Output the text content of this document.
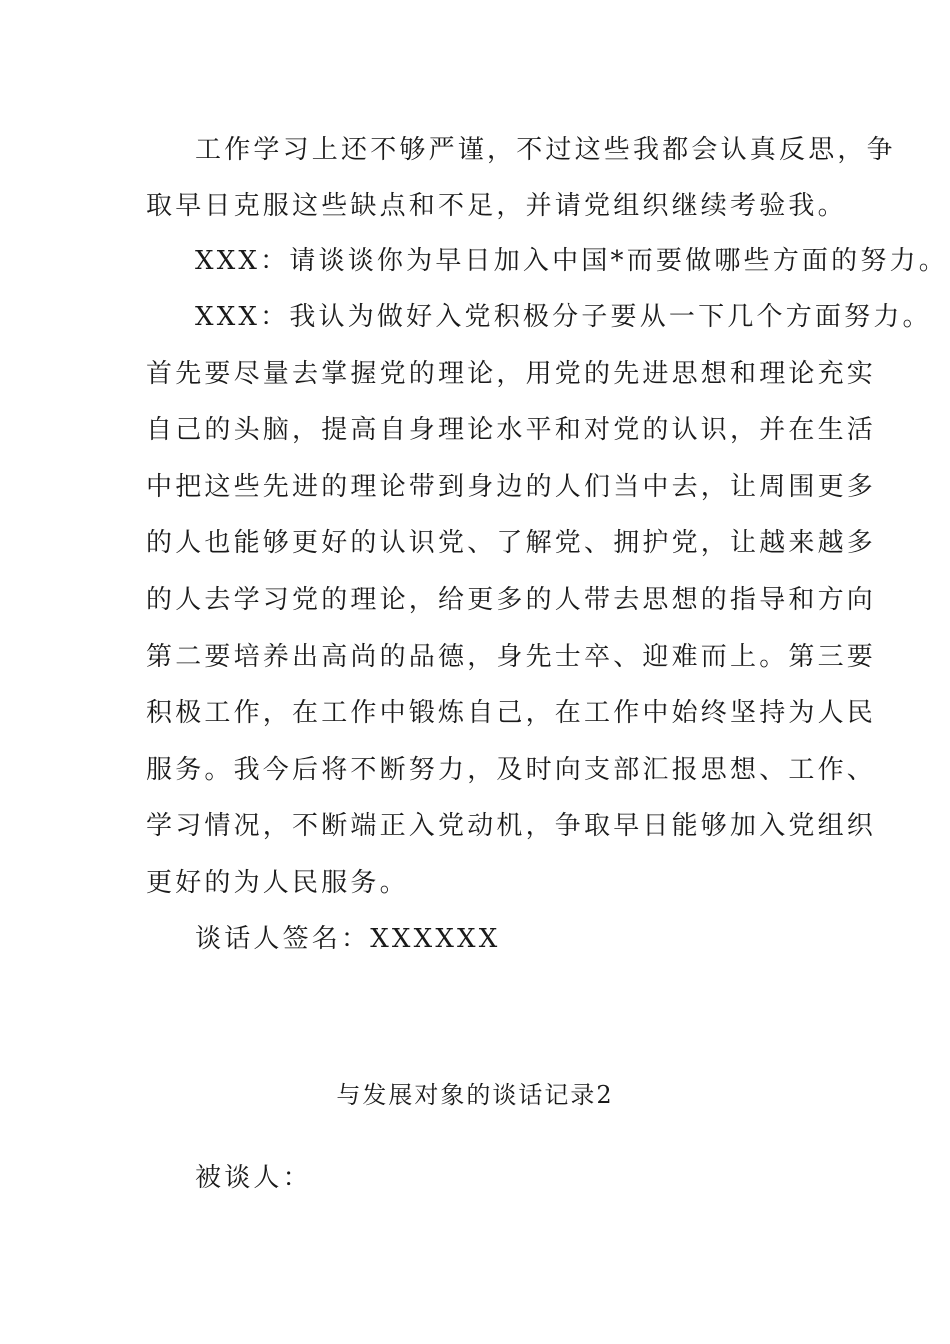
工作学习上还不够严谨，不过这些我都会认真反思，争
取早日克服这些缺点和不足，并请党组织继续考验我。
XXX：请谈谈你为早日加入中国*而要做哪些方面的努力。
XXX：我认为做好入党积极分子要从一下几个方面努力。
首先要尽量去掌握党的理论，用党的先进思想和理论充实
自己的头脑，提高自身理论水平和对党的认识，并在生活
中把这些先进的理论带到身边的人们当中去，让周围更多
的人也能够更好的认识党、了解党、拥护党，让越来越多
的人去学习党的理论，给更多的人带去思想的指导和方向
第二要培养出高尚的品德，身先士卒、迎难而上。第三要
积极工作，在工作中锻炼自己，在工作中始终坚持为人民
服务。我今后将不断努力，及时向支部汇报思想、工作、
学习情况，不断端正入党动机，争取早日能够加入党组织
更好的为人民服务。
谈话人签名：XXXXXX
与发展对象的谈话记录2
被谈人：
